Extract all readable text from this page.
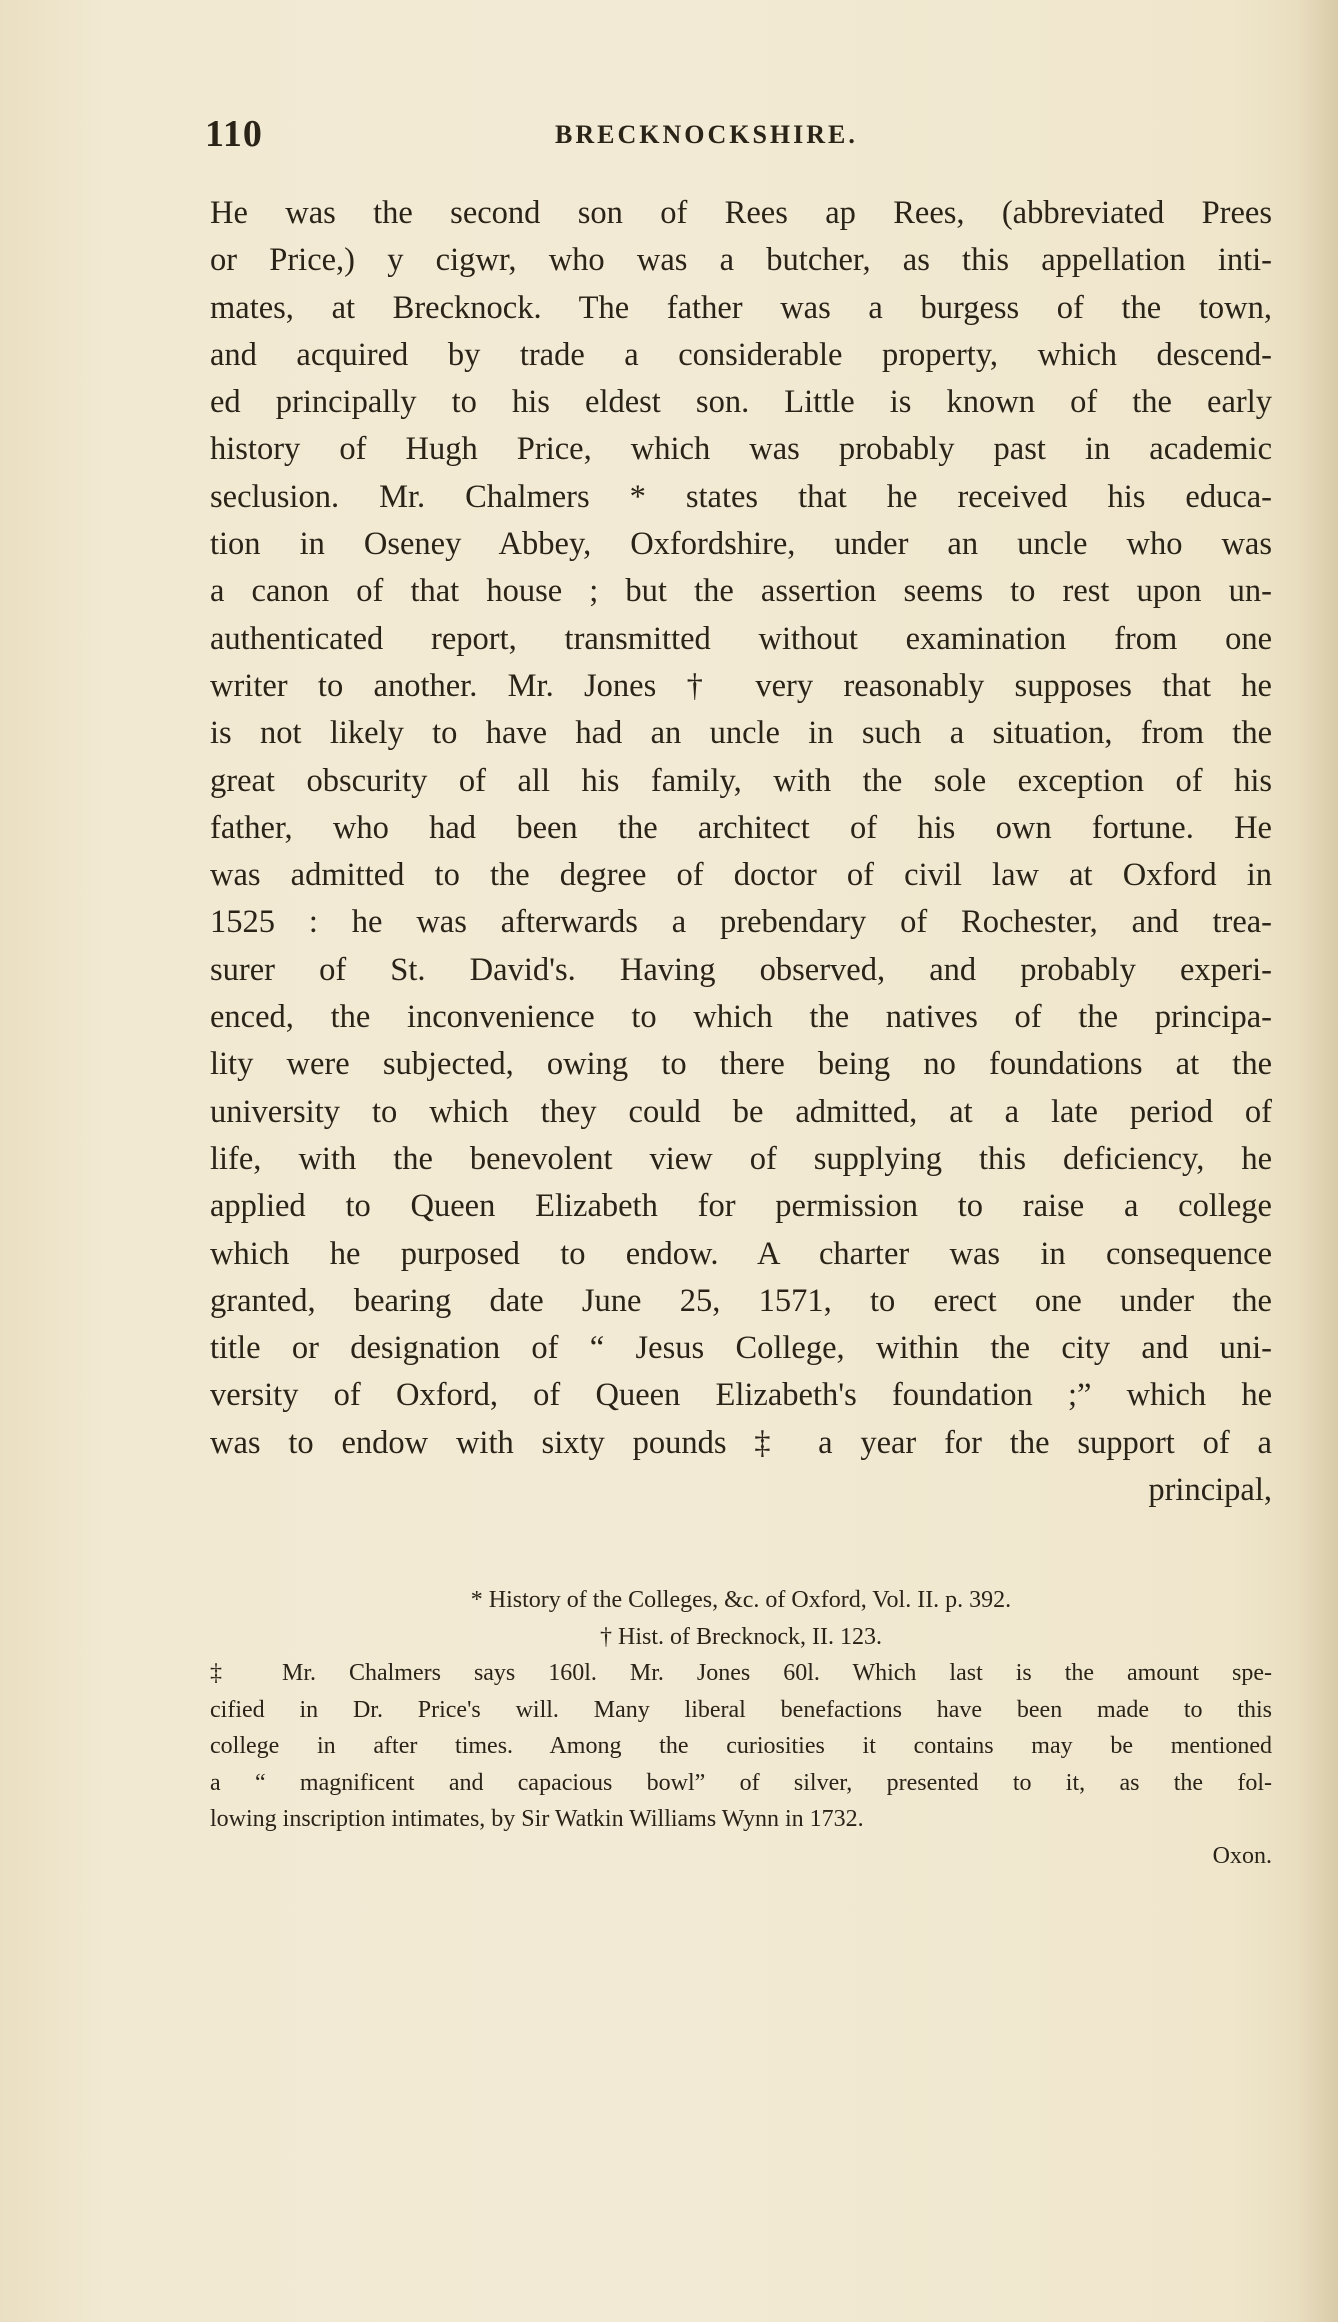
110	BRECKNOCKSHIRE.
He was the second son of Rees ap Rees, (abbreviated Prees
or Price,) y cigwr, who was a butcher, as this appellation inti-
mates, at Brecknock. The father was a burgess of the town,
and acquired by trade a considerable property, which descend-
ed principally to his eldest son. Little is known of the early
history of Hugh Price, which was probably past in academic
seclusion. Mr. Chalmers * states that he received his educa-
tion in Oseney Abbey, Oxfordshire, under an uncle who was
a canon of that house ; but the assertion seems to rest upon un-
authenticated report, transmitted without examination from one
writer to another. Mr. Jones † very reasonably supposes that he
is not likely to have had an uncle in such a situation, from the
great obscurity of all his family, with the sole exception of his
father, who had been the architect of his own fortune. He
was admitted to the degree of doctor of civil law at Oxford in
1525 : he was afterwards a prebendary of Rochester, and trea-
surer of St. David's. Having observed, and probably experi-
enced, the inconvenience to which the natives of the principa-
lity were subjected, owing to there being no foundations at the
university to which they could be admitted, at a late period of
life, with the benevolent view of supplying this deficiency, he
applied to Queen Elizabeth for permission to raise a college
which he purposed to endow. A charter was in consequence
granted, bearing date June 25, 1571, to erect one under the
title or designation of “ Jesus College, within the city and uni-
versity of Oxford, of Queen Elizabeth's foundation ;” which he
was to endow with sixty pounds ‡ a year for the support of a
principal,
* History of the Colleges, &c. of Oxford, Vol. II. p. 392.
† Hist. of Brecknock, II. 123.
‡ Mr. Chalmers says 160l. Mr. Jones 60l. Which last is the amount spe-
cified in Dr. Price's will. Many liberal benefactions have been made to this
college in after times. Among the curiosities it contains may be mentioned
a “ magnificent and capacious bowl” of silver, presented to it, as the fol-
lowing inscription intimates, by Sir Watkin Williams Wynn in 1732.
Oxon.
